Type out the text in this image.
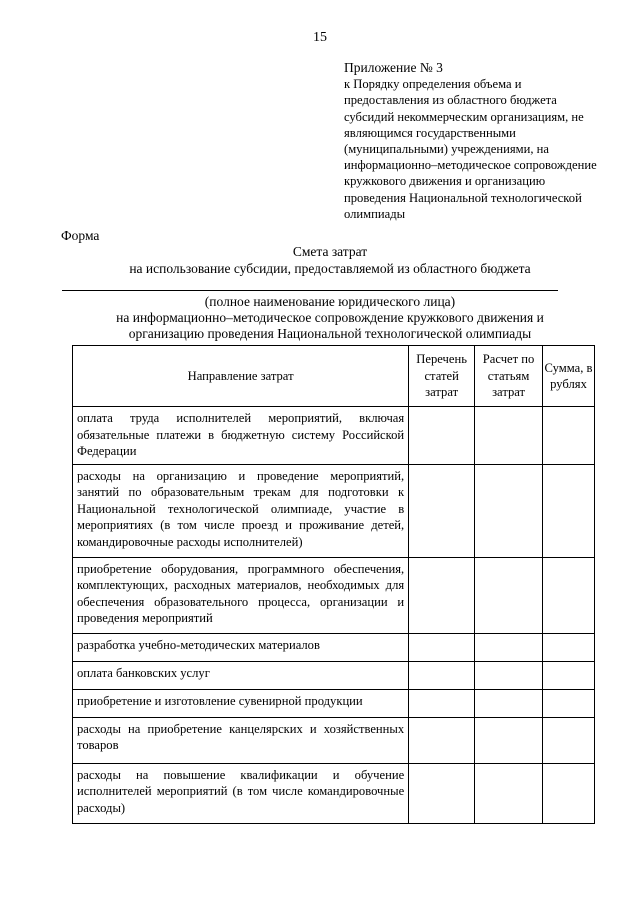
15
Приложение № 3
к Порядку определения объема и предоставления из областного бюджета субсидий некоммерческим организациям, не являющимся государственными (муниципальными) учреждениями, на информационно–методическое сопровождение кружкового движения и организацию проведения Национальной технологической олимпиады
Форма
Смета затрат
на использование субсидии, предоставляемой из областного бюджета
(полное наименование юридического лица)
на информационно–методическое сопровождение кружкового движения и
организацию проведения Национальной технологической олимпиады
Направление затрат	Перечень статей затрат	Расчет по статьям затрат	Сумма, в рублях
оплата труда исполнителей мероприятий, включая обязательные платежи в бюджетную систему Российской Федерации			
расходы на организацию и проведение мероприятий, занятий по образовательным трекам для подготовки к Национальной технологической олимпиаде, участие в мероприятиях (в том числе проезд и проживание детей, командировочные расходы исполнителей)			
приобретение оборудования, программного обеспечения, комплектующих, расходных материалов, необходимых для обеспечения образовательного процесса, организации и проведения мероприятий			
разработка учебно-методических материалов			
оплата банковских услуг			
приобретение и изготовление сувенирной продукции			
расходы на приобретение канцелярских и хозяйственных товаров			
расходы на повышение квалификации и обучение исполнителей мероприятий (в том числе командировочные расходы)			
